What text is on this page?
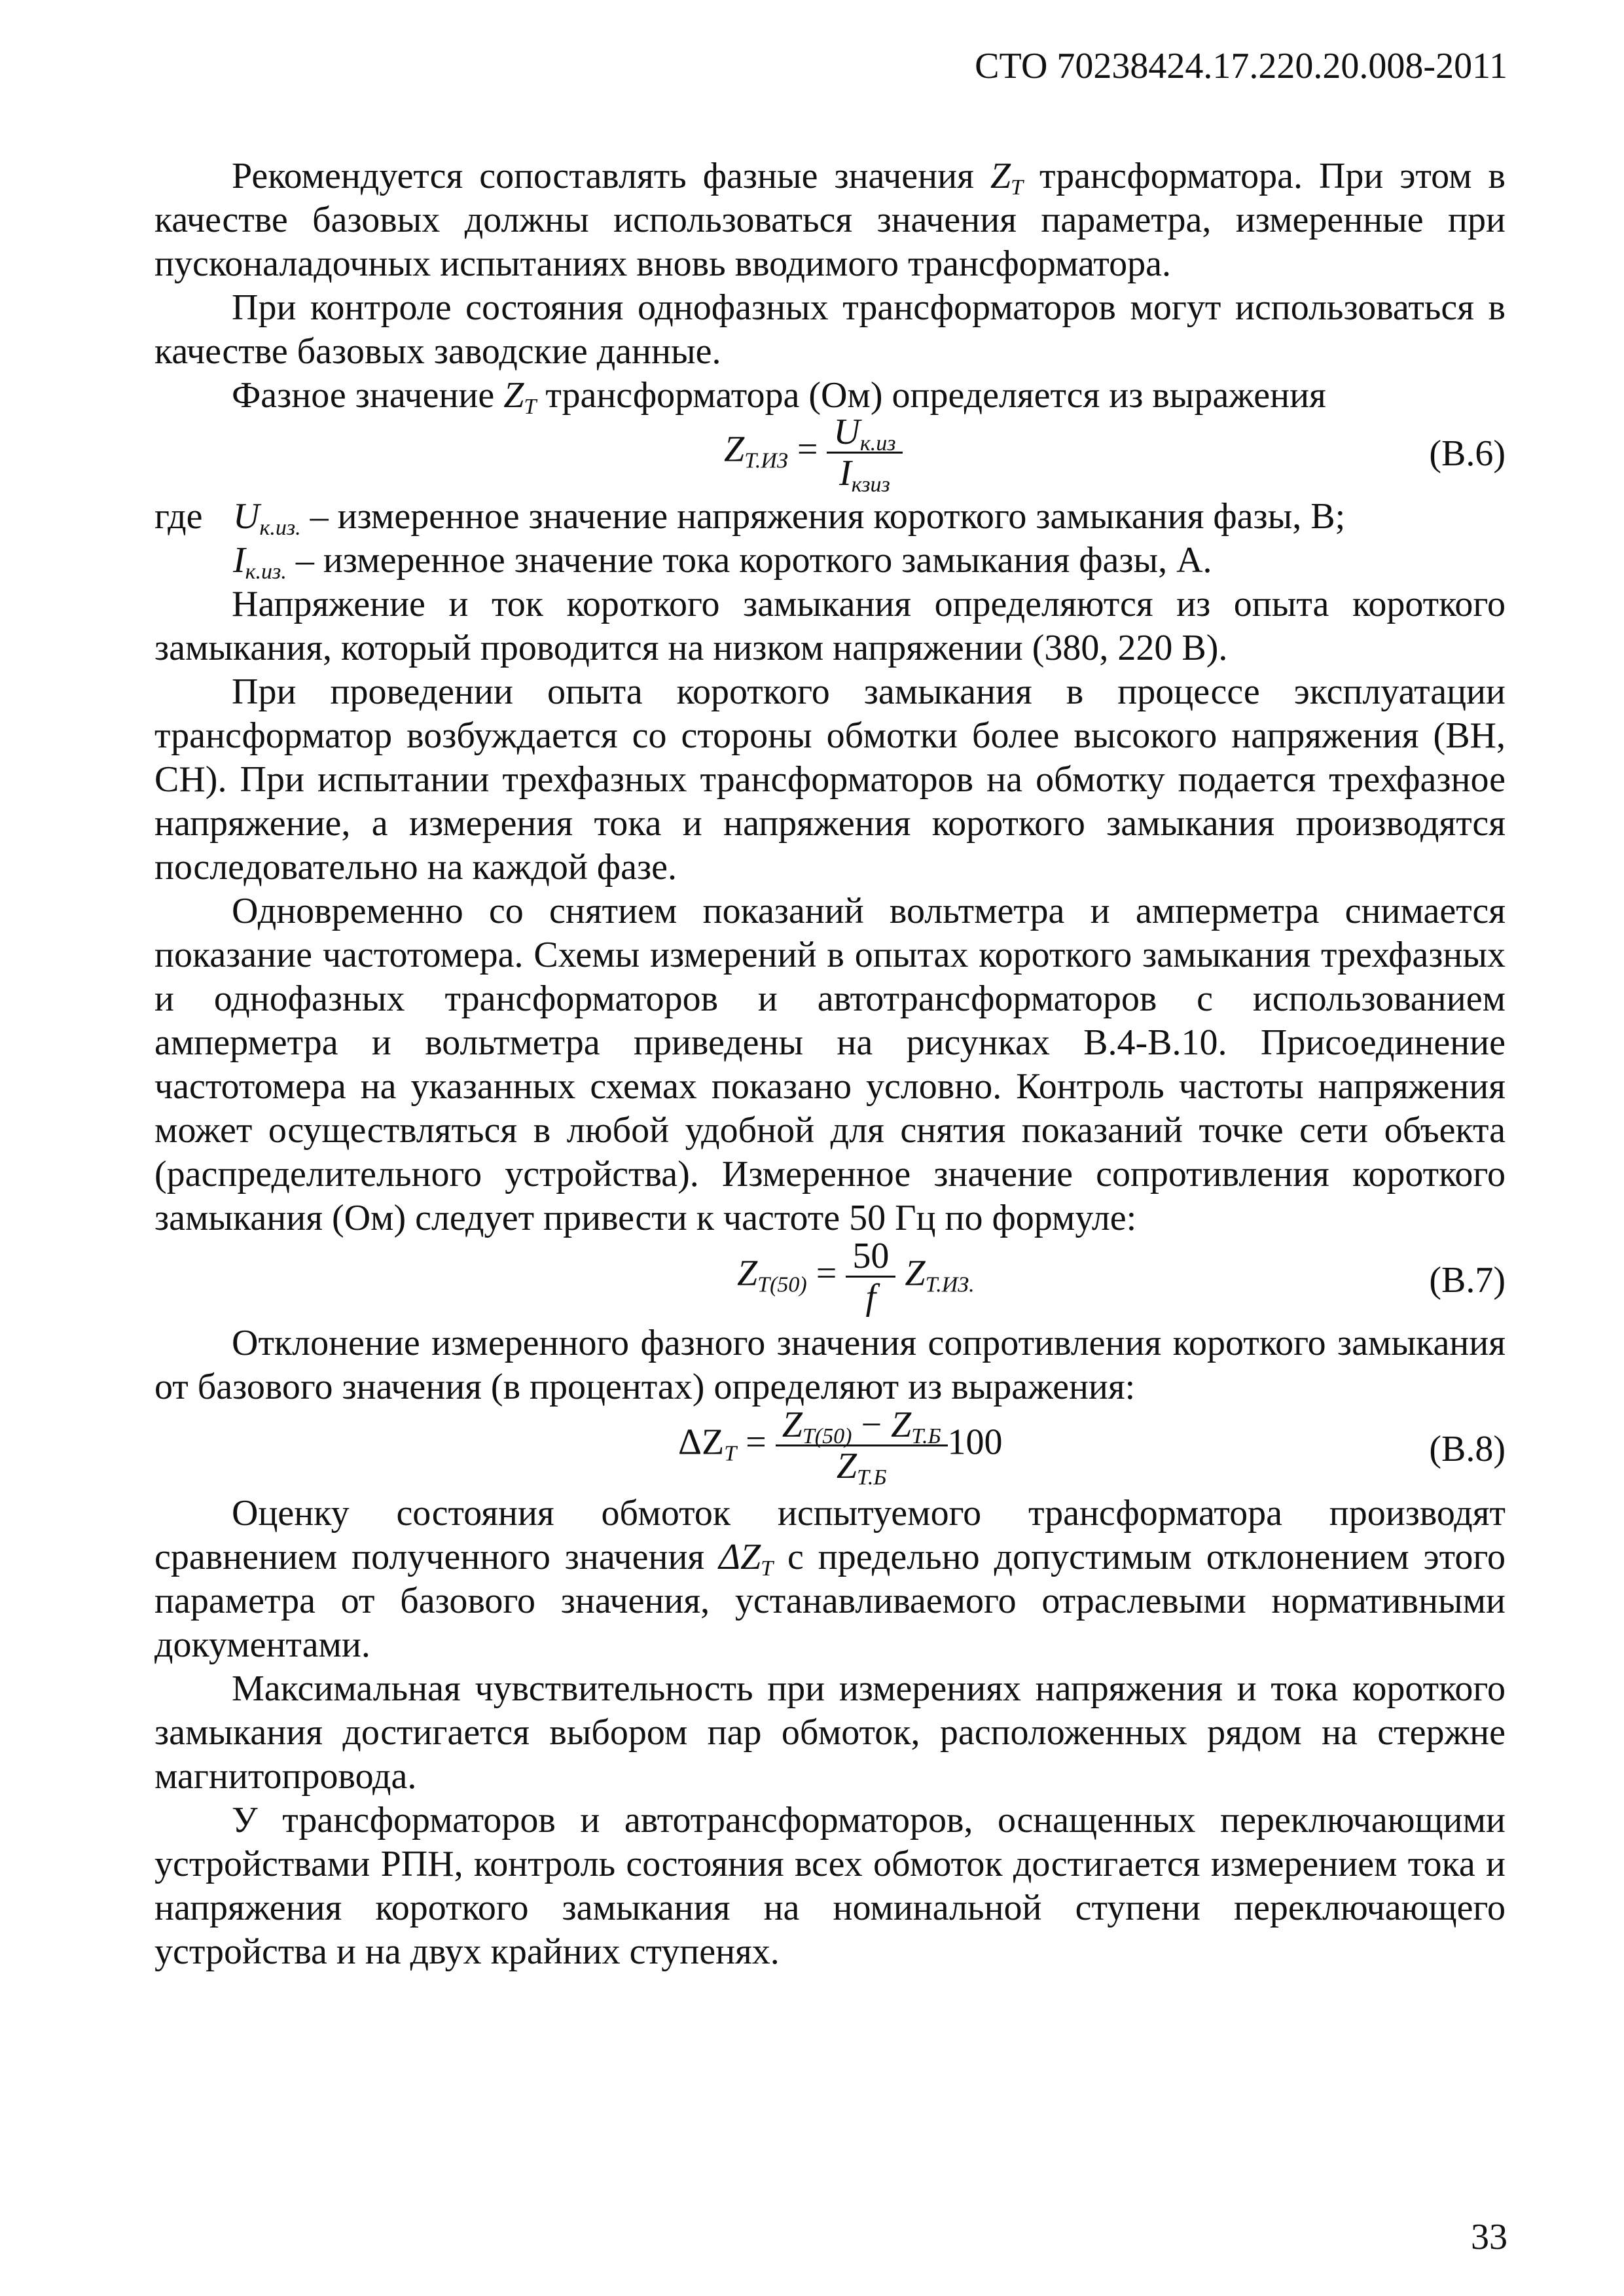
СТО 70238424.17.220.20.008-2011

Рекомендуется сопоставлять фазные значения $Z_T$ трансформатора. При этом в качестве базовых должны использоваться значения параметра, измеренные при пусконаладочных испытаниях вновь вводимого трансформатора.

При контроле состояния однофазных трансформаторов могут использоваться в качестве базовых заводские данные.

Фазное значение $Z_T$ трансформатора (Ом) определяется из выражения

$Z_{Т.ИЗ} = \frac{U_{к.из}}{I_{кзиз}}$	(В.6)
где $U_{к.из.}$ – измеренное значение напряжения короткого замыкания фазы, В;
$I_{к.из.}$ – измеренное значение тока короткого замыкания фазы, А.

Напряжение и ток короткого замыкания определяются из опыта короткого замыкания, который проводится на низком напряжении (380, 220 В).

При проведении опыта короткого замыкания в процессе эксплуатации трансформатор возбуждается со стороны обмотки более высокого напряжения (ВН, СН). При испытании трехфазных трансформаторов на обмотку подается трехфазное напряжение, а измерения тока и напряжения короткого замыкания производятся последовательно на каждой фазе.

Одновременно со снятием показаний вольтметра и амперметра снимается показание частотомера. Схемы измерений в опытах короткого замыкания трехфазных и однофазных трансформаторов и автотрансформаторов с использованием амперметра и вольтметра приведены на рисунках В.4-В.10. Присоединение частотомера на указанных схемах показано условно. Контроль частоты напряжения может осуществляться в любой удобной для снятия показаний точке сети объекта (распределительного устройства). Измеренное значение сопротивления короткого замыкания (Ом) следует привести к частоте 50 Гц по формуле:

$Z_{T(50)} = \frac{50}{f} Z_{Т.ИЗ.}$	(В.7)

Отклонение измеренного фазного значения сопротивления короткого замыкания от базового значения (в процентах) определяют из выражения:

$\Delta Z_T = \frac{Z_{T(50)} - Z_{Т.Б}}{Z_{Т.Б}} 100$	(В.8)

Оценку состояния обмоток испытуемого трансформатора производят сравнением полученного значения $\Delta Z_T$ с предельно допустимым отклонением этого параметра от базового значения, устанавливаемого отраслевыми нормативными документами.

Максимальная чувствительность при измерениях напряжения и тока короткого замыкания достигается выбором пар обмоток, расположенных рядом на стержне магнитопровода.

У трансформаторов и автотрансформаторов, оснащенных переключающими устройствами РПН, контроль состояния всех обмоток достигается измерением тока и напряжения короткого замыкания на номинальной ступени переключающего устройства и на двух крайних ступенях.

33
